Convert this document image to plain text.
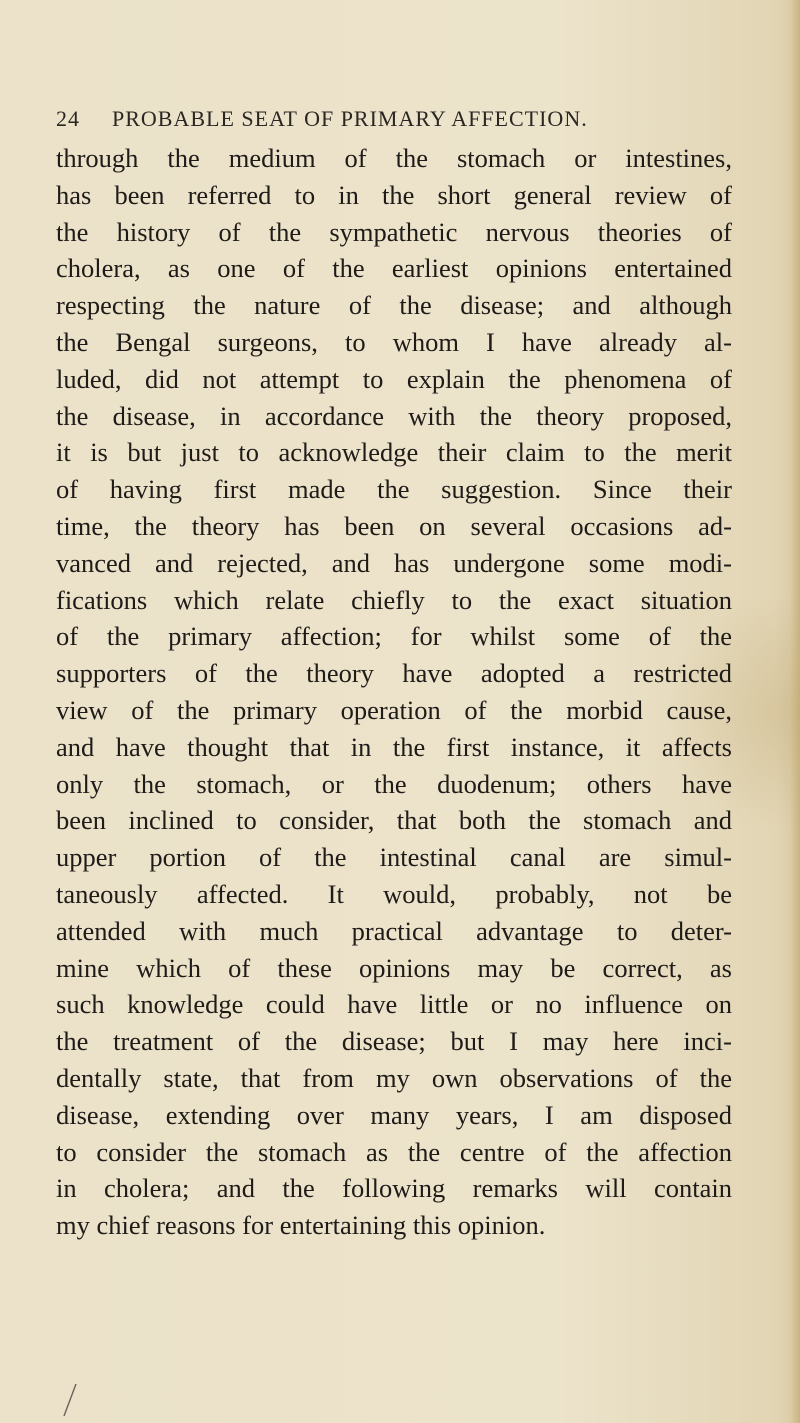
24 PROBABLE SEAT OF PRIMARY AFFECTION.
through the medium of the stomach or intestines,
has been referred to in the short general review of
the history of the sympathetic nervous theories of
cholera, as one of the earliest opinions entertained
respecting the nature of the disease; and although
the Bengal surgeons, to whom I have already al-
luded, did not attempt to explain the phenomena of
the disease, in accordance with the theory proposed,
it is but just to acknowledge their claim to the merit
of having first made the suggestion. Since their
time, the theory has been on several occasions ad-
vanced and rejected, and has undergone some modi-
fications which relate chiefly to the exact situation
of the primary affection; for whilst some of the
supporters of the theory have adopted a restricted
view of the primary operation of the morbid cause,
and have thought that in the first instance, it affects
only the stomach, or the duodenum; others have
been inclined to consider, that both the stomach and
upper portion of the intestinal canal are simul-
taneously affected. It would, probably, not be
attended with much practical advantage to deter-
mine which of these opinions may be correct, as
such knowledge could have little or no influence on
the treatment of the disease; but I may here inci-
dentally state, that from my own observations of the
disease, extending over many years, I am disposed
to consider the stomach as the centre of the affection
in cholera; and the following remarks will contain
my chief reasons for entertaining this opinion.
